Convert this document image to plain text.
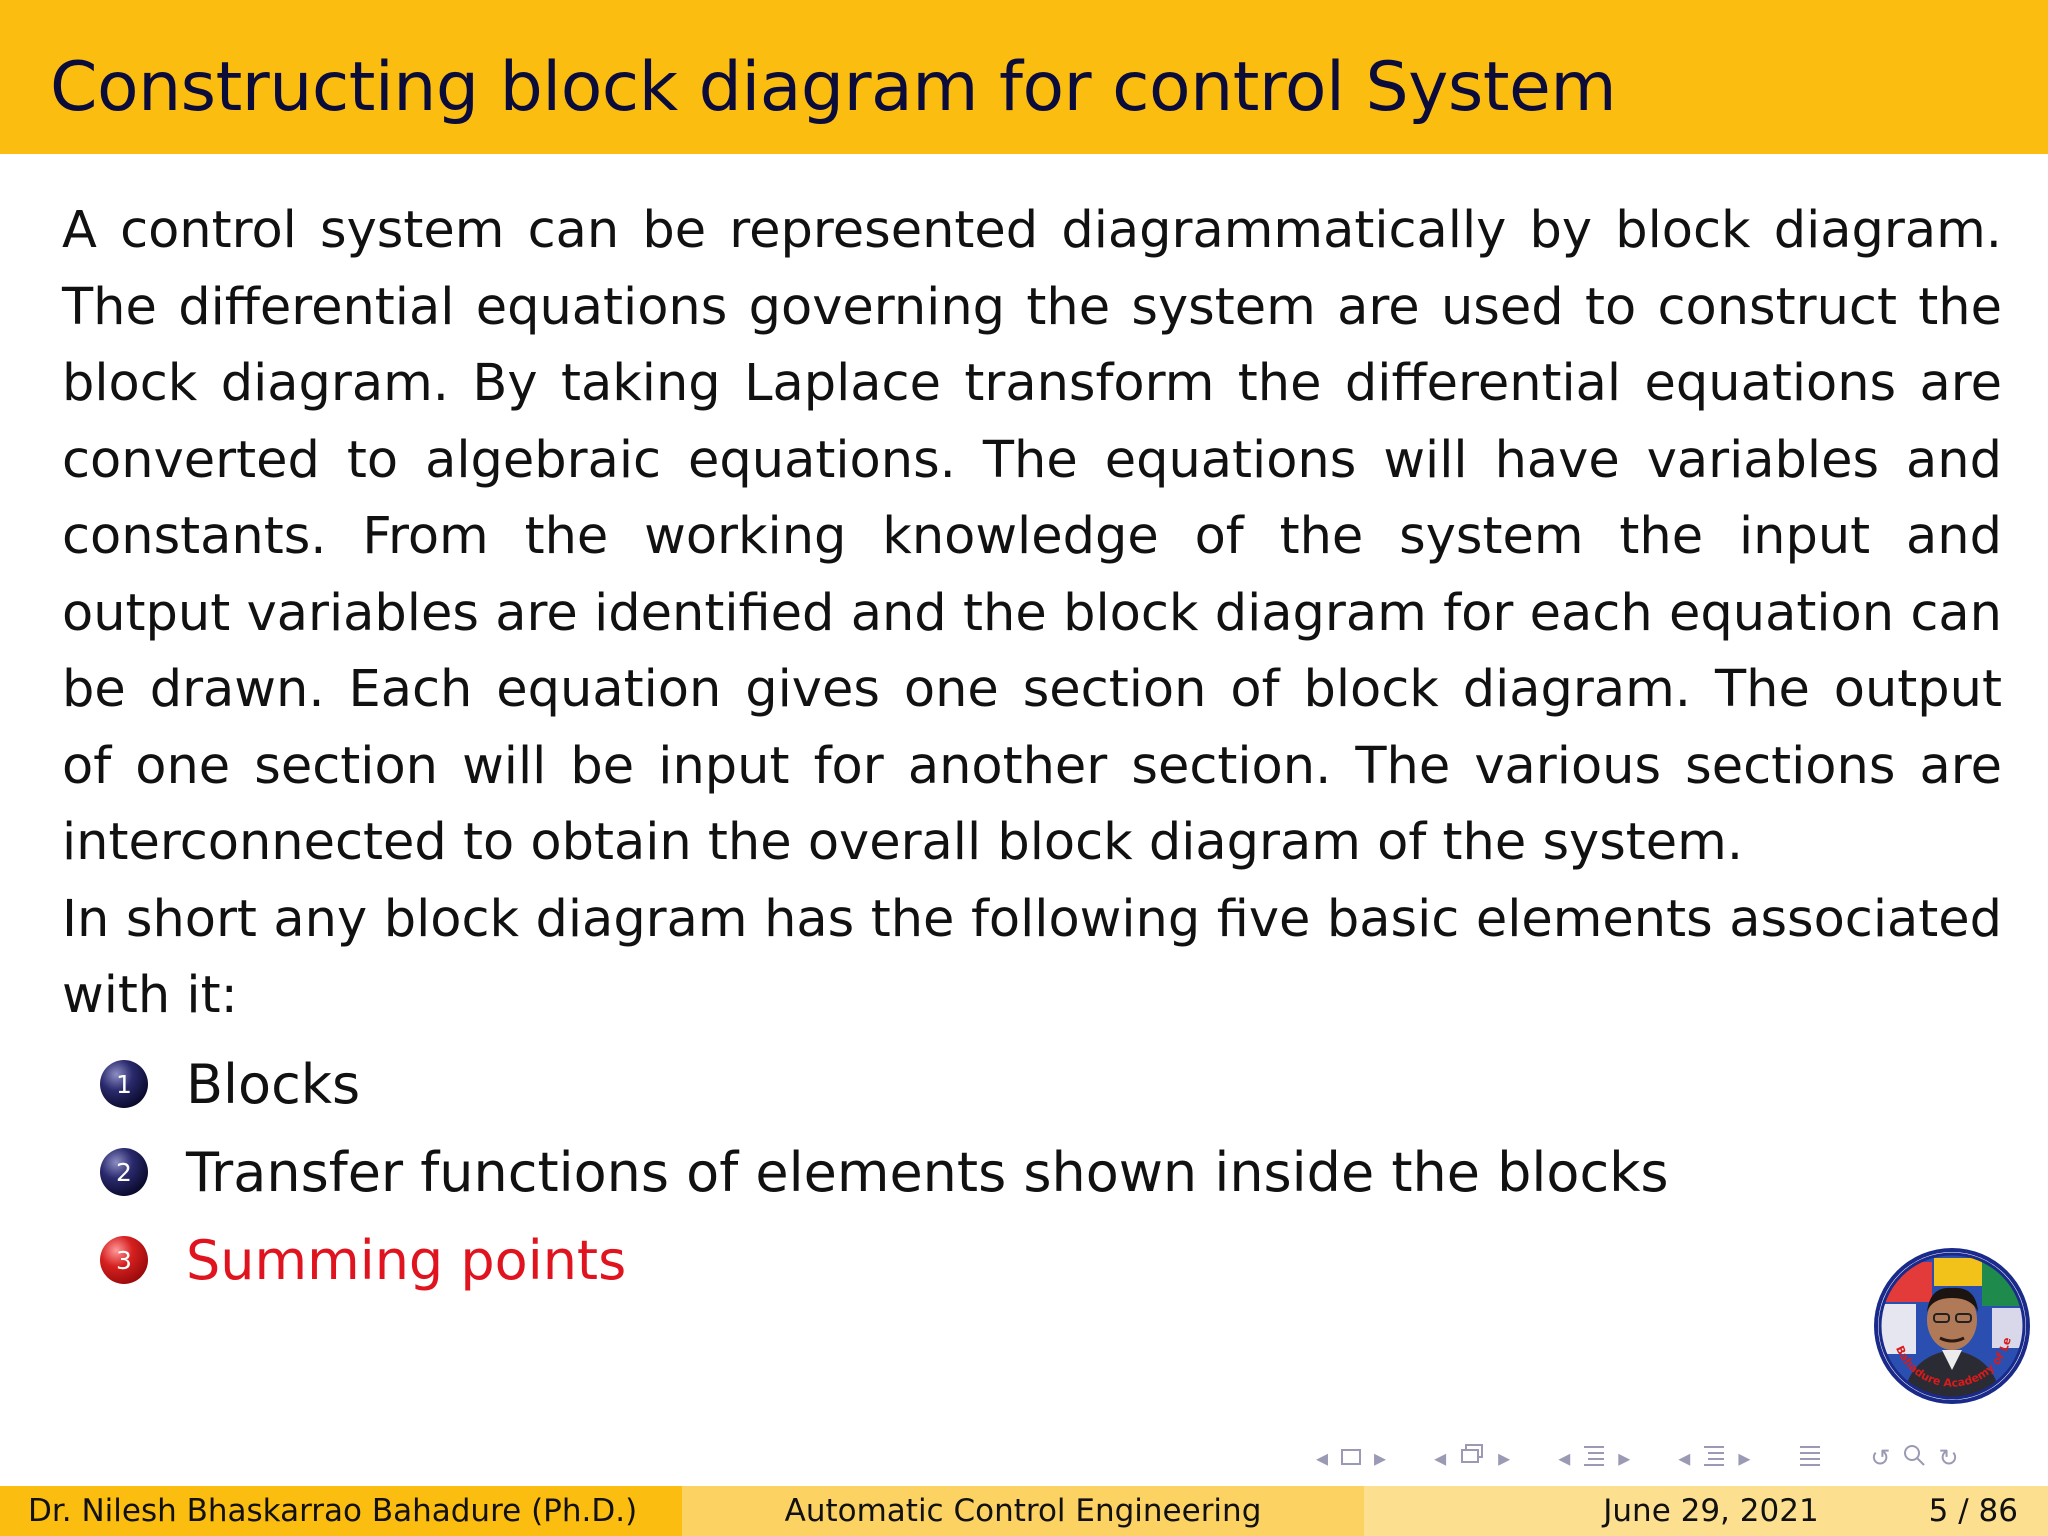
Constructing block diagram for control System
A control system can be represented diagrammatically by block diagram.
The differential equations governing the system are used to construct the
block diagram. By taking Laplace transform the differential equations are
converted to algebraic equations. The equations will have variables and
constants. From the working knowledge of the system the input and
output variables are identified and the block diagram for each equation can
be drawn. Each equation gives one section of block diagram. The output
of one section will be input for another section. The various sections are
interconnected to obtain the overall block diagram of the system.
In short any block diagram has the following five basic elements associated
with it:
1 Blocks
2 Transfer functions of elements shown inside the blocks
3 Summing points
Bahadure Academy of Le
◂ ▸ ◂ ▸ ◂ ▸ ◂ ▸	↺ ↻
Dr. Nilesh Bhaskarrao Bahadure (Ph.D.)	Automatic Control Engineering	June 29, 2021	5 / 86
